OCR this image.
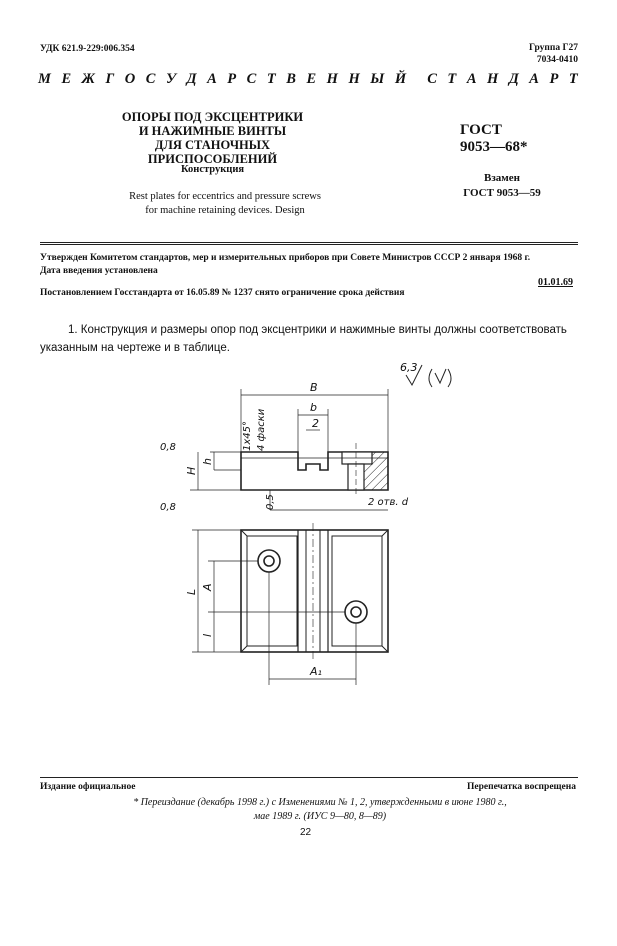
УДК 621.9-229:006.354	Группа Г27
7034-0410
М Е Ж Г О С У Д А Р С Т В Е Н Н Ы Й С Т А Н Д А Р Т
ОПОРЫ ПОД ЭКСЦЕНТРИКИ
И НАЖИМНЫЕ ВИНТЫ
ДЛЯ СТАНОЧНЫХ ПРИСПОСОБЛЕНИЙ
ГОСТ
9053—68*
Конструкция
Rest plates for eccentrics and pressure screws
for machine retaining devices. Design
Взамен
ГОСТ 9053—59
Утвержден Комитетом стандартов, мер и измерительных приборов при Совете Министров СССР 2 января 1968 г.
Дата введения установлена
01.01.69
Постановлением Госстандарта от 16.05.89 № 1237 снято ограничение срока действия
1. Конструкция и размеры опор под эксцентрики и нажимные винты должны соответствовать указанным на чертеже и в таблице.
6,3
B
b
2
1x45° 4 фаски
0,8
0,8
H
h
0,5	2 отв. d
L
A
l
A₁
Издание официальное	Перепечатка воспрещена
* Переиздание (декабрь 1998 г.) с Изменениями № 1, 2, утвержденными в июне 1980 г.,
мае 1989 г. (ИУС 9—80, 8—89)
22
